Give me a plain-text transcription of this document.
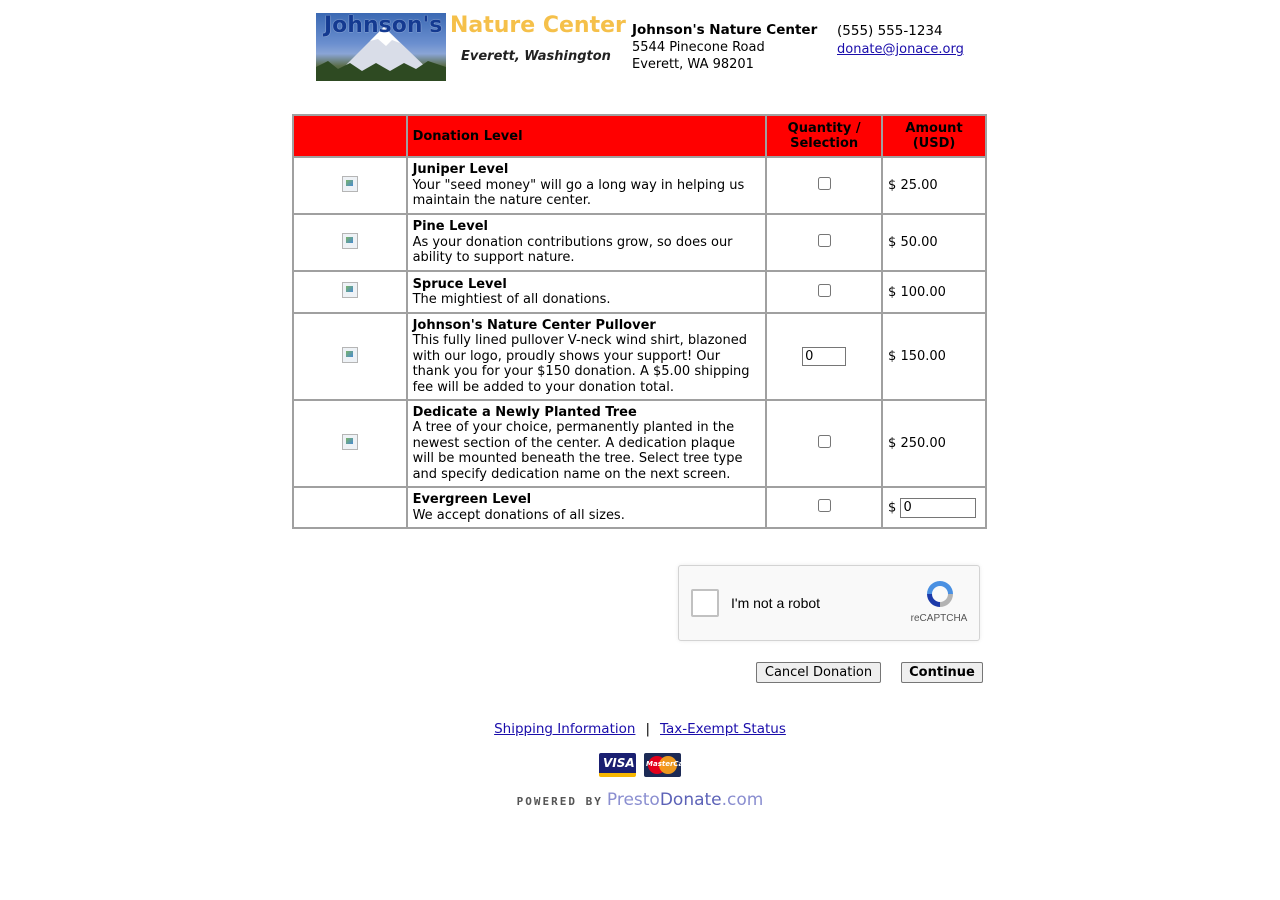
Johnson's Nature Center
Everett, Washington
Johnson's Nature Center
5544 Pinecone Road
Everett, WA 98201
(555) 555-1234
donate@jonace.org
	Donation Level	Quantity / Selection	Amount (USD)

	Juniper Level
Your "seed money" will go a long way in helping us maintain the nature center.		$ 25.00

	Pine Level
As your donation contributions grow, so does our ability to support nature.		$ 50.00

	Spruce Level
The mightiest of all donations.		$ 100.00

	Johnson's Nature Center Pullover
This fully lined pullover V-neck wind shirt, blazoned with our logo, proudly shows your support! Our thank you for your $150 donation. A $5.00 shipping fee will be added to your donation total.	0	$ 150.00

	Dedicate a Newly Planted Tree
A tree of your choice, permanently planted in the newest section of the center. A dedication plaque will be mounted beneath the tree. Select tree type and specify dedication name on the next screen.		$ 250.00

	Evergreen Level
We accept donations of all sizes.		$ 0
I'm not a robot
reCAPTCHA
Cancel Donation	Continue
Shipping Information | Tax-Exempt Status
VISA MasterCard
POWERED BY PrestoDonate.com
